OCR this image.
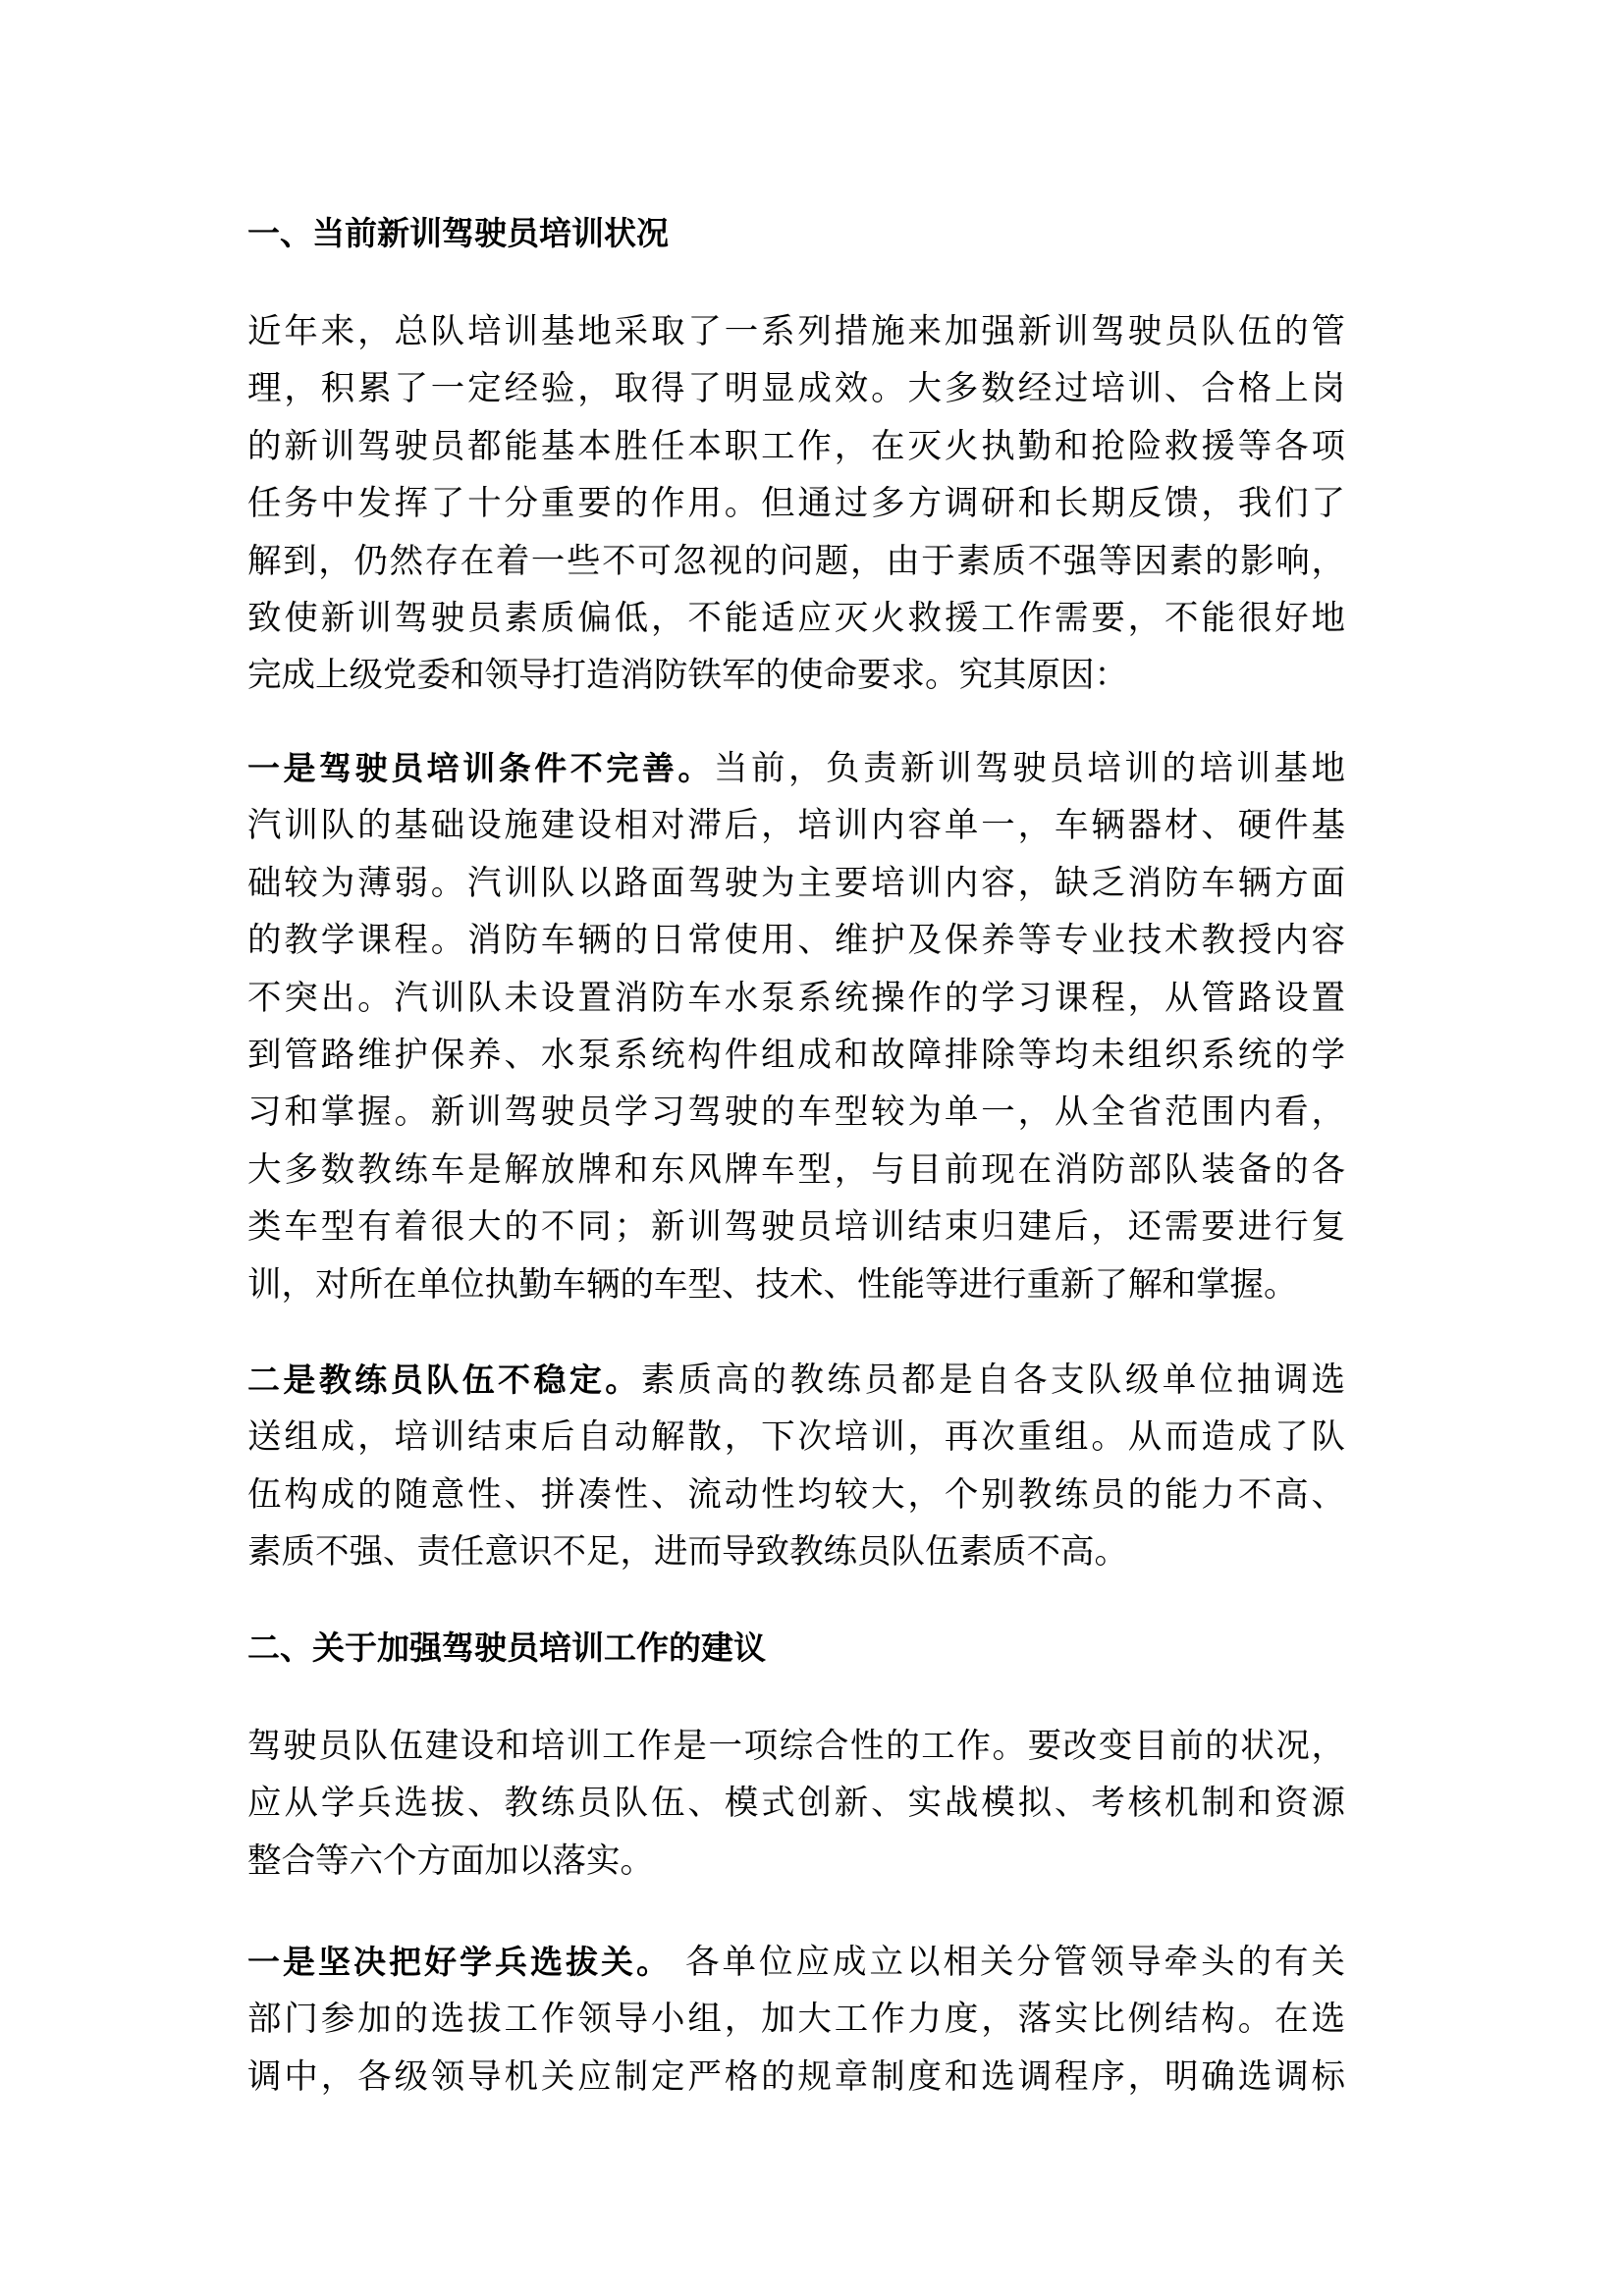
一、当前新训驾驶员培训状况
近年来，总队培训基地采取了一系列措施来加强新训驾驶员队伍的管
理，积累了一定经验，取得了明显成效。大多数经过培训、合格上岗
的新训驾驶员都能基本胜任本职工作，在灭火执勤和抢险救援等各项
任务中发挥了十分重要的作用。但通过多方调研和长期反馈，我们了
解到，仍然存在着一些不可忽视的问题，由于素质不强等因素的影响，
致使新训驾驶员素质偏低，不能适应灭火救援工作需要，不能很好地
完成上级党委和领导打造消防铁军的使命要求。究其原因：
一是驾驶员培训条件不完善。当前，负责新训驾驶员培训的培训基地
汽训队的基础设施建设相对滞后，培训内容单一，车辆器材、硬件基
础较为薄弱。汽训队以路面驾驶为主要培训内容，缺乏消防车辆方面
的教学课程。消防车辆的日常使用、维护及保养等专业技术教授内容
不突出。汽训队未设置消防车水泵系统操作的学习课程，从管路设置
到管路维护保养、水泵系统构件组成和故障排除等均未组织系统的学
习和掌握。新训驾驶员学习驾驶的车型较为单一，从全省范围内看，
大多数教练车是解放牌和东风牌车型，与目前现在消防部队装备的各
类车型有着很大的不同；新训驾驶员培训结束归建后，还需要进行复
训，对所在单位执勤车辆的车型、技术、性能等进行重新了解和掌握。
二是教练员队伍不稳定。素质高的教练员都是自各支队级单位抽调选
送组成，培训结束后自动解散，下次培训，再次重组。从而造成了队
伍构成的随意性、拼凑性、流动性均较大，个别教练员的能力不高、
素质不强、责任意识不足，进而导致教练员队伍素质不高。
二、关于加强驾驶员培训工作的建议
驾驶员队伍建设和培训工作是一项综合性的工作。要改变目前的状况，
应从学兵选拔、教练员队伍、模式创新、实战模拟、考核机制和资源
整合等六个方面加以落实。
一是坚决把好学兵选拔关。 各单位应成立以相关分管领导牵头的有关
部门参加的选拔工作领导小组，加大工作力度，落实比例结构。在选
调中，各级领导机关应制定严格的规章制度和选调程序，明确选调标
